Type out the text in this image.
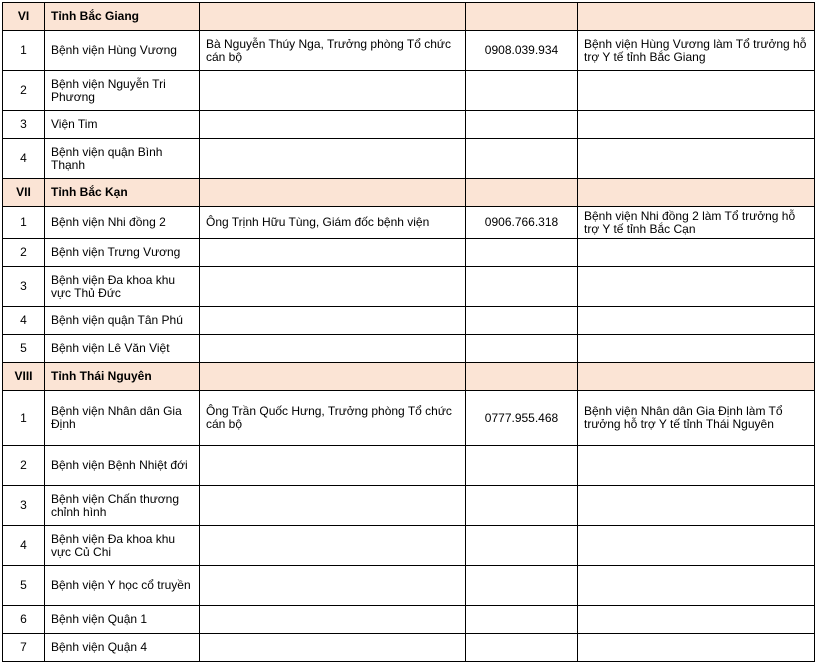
VI	Tỉnh Bắc Giang			
1	Bệnh viện Hùng Vương	Bà Nguyễn Thúy Nga, Trưởng phòng Tổ chức cán bộ	0908.039.934	Bệnh viện Hùng Vương làm Tổ trưởng hỗ trợ Y tế tỉnh Bắc Giang
2	Bệnh viện Nguyễn Tri Phương			
3	Viện Tim			
4	Bệnh viện quận Bình Thạnh			
VII	Tỉnh Bắc Kạn			
1	Bệnh viện Nhi đồng 2	Ông Trịnh Hữu Tùng, Giám đốc bệnh viện	0906.766.318	Bệnh viện Nhi đồng 2 làm Tổ trưởng hỗ trợ Y tế tỉnh Bắc Cạn
2	Bệnh viện Trưng Vương			
3	Bệnh viện Đa khoa khu vực Thủ Đức			
4	Bệnh viện quận Tân Phú			
5	Bệnh viện Lê Văn Việt			
VIII	Tỉnh Thái Nguyên			
1	Bệnh viện Nhân dân Gia Định	Ông Trần Quốc Hưng, Trưởng phòng Tổ chức cán bộ	0777.955.468	Bệnh viện Nhân dân Gia Định làm Tổ trưởng hỗ trợ Y tế tỉnh Thái Nguyên
2	Bệnh viện Bệnh Nhiệt đới			
3	Bệnh viện Chấn thương chỉnh hình			
4	Bệnh viện Đa khoa khu vực Củ Chi			
5	Bệnh viện Y học cổ truyền			
6	Bệnh viện Quận 1			
7	Bệnh viện Quận 4			
